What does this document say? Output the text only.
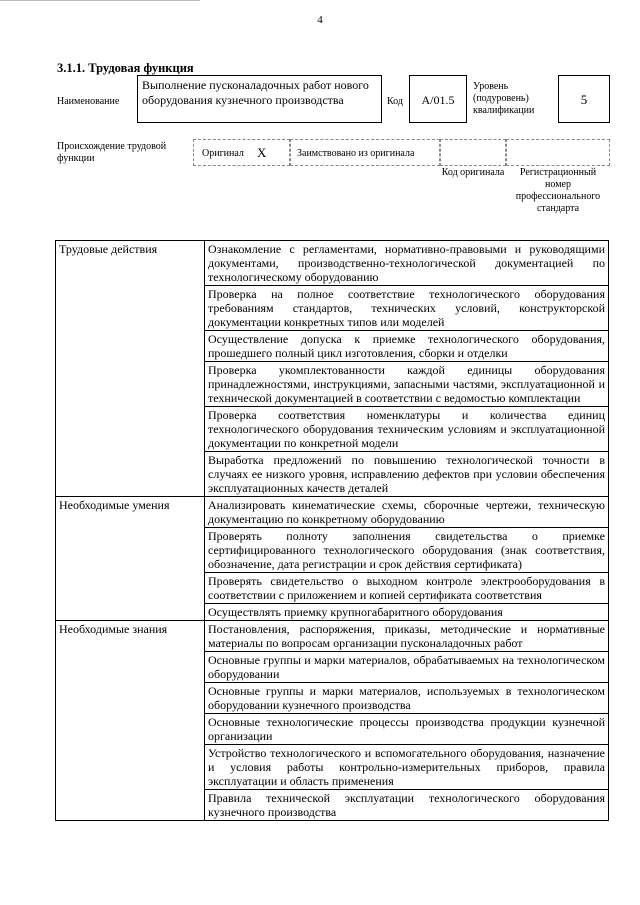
4
3.1.1. Трудовая функция
Наименование
Выполнение пусконаладочных работ нового оборудования кузнечного производства	Код	A/01.5
Уровень (подуровень) квалификации
5
Происхождение трудовой функции	Оригинал X	Заимствовано из оригинала
Код оригинала	Регистрационный номер профессионального стандарта
Трудовые действия	Ознакомление с регламентами, нормативно-правовыми и руководящими документами, производственно-технологической документацией по технологическому оборудованию
	Проверка на полное соответствие технологического оборудования требованиям стандартов, технических условий, конструкторской документации конкретных типов или моделей
	Осуществление допуска к приемке технологического оборудования, прошедшего полный цикл изготовления, сборки и отделки
	Проверка укомплектованности каждой единицы оборудования принадлежностями, инструкциями, запасными частями, эксплуатационной и технической документацией в соответствии с ведомостью комплектации
	Проверка соответствия номенклатуры и количества единиц технологического оборудования техническим условиям и эксплуатационной документации по конкретной модели
	Выработка предложений по повышению технологической точности в случаях ее низкого уровня, исправлению дефектов при условии обеспечения эксплуатационных качеств деталей
Необходимые умения	Анализировать кинематические схемы, сборочные чертежи, техническую документацию по конкретному оборудованию
	Проверять полноту заполнения свидетельства о приемке сертифицированного технологического оборудования (знак соответствия, обозначение, дата регистрации и срок действия сертификата)
	Проверять свидетельство о выходном контроле электрооборудования в соответствии с приложением и копией сертификата соответствия
	Осуществлять приемку крупногабаритного оборудования
Необходимые знания	Постановления, распоряжения, приказы, методические и нормативные материалы по вопросам организации пусконаладочных работ
	Основные группы и марки материалов, обрабатываемых на технологическом оборудовании
	Основные группы и марки материалов, используемых в технологическом оборудовании кузнечного производства
	Основные технологические процессы производства продукции кузнечной организации
	Устройство технологического и вспомогательного оборудования, назначение и условия работы контрольно-измерительных приборов, правила эксплуатации и область применения
	Правила технической эксплуатации технологического оборудования кузнечного производства
